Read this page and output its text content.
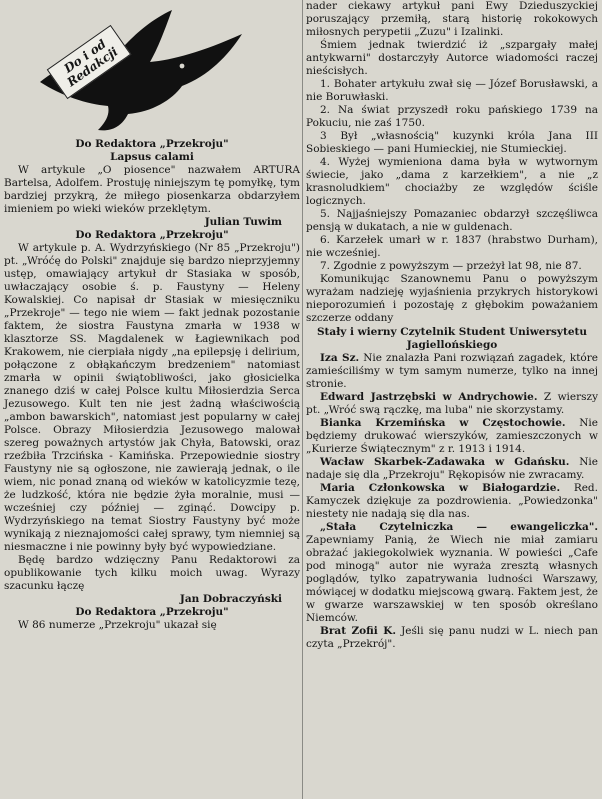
Do i od Redakcji

Do Redaktora „Przekroju"

Lapsus calami

W artykule „O piosence" nazwałem ARTURA Bartelsa, Adolfem. Prostuję niniejszym tę pomyłkę, tym bardziej przykrą, że miłego piosenkarza obdarzyłem imieniem po wieki wieków przeklętym.

Julian Tuwim

Do Redaktora „Przekroju"

W artykule p. A. Wydrzyńskiego (Nr 85 „Przekroju") pt. „Wróćę do Polski" znajduje się bardzo nieprzyjemny ustęp, omawiający artykuł dr Stasiaka w sposób, uwłaczający osobie ś. p. Faustyny — Heleny Kowalskiej. Co napisał dr Stasiak w miesięczniku „Przekroje" — tego nie wiem — fakt jednak pozostanie faktem, że siostra Faustyna zmarła w 1938 w klasztorze SS. Magdalenek w Łagiewnikach pod Krakowem, nie cierpiała nigdy „na epilepsję i delirium, połączone z obłąkańczym bredzeniem" natomiast zmarła w opinii świątobliwości, jako głosicielka znanego dziś w całej Polsce kultu Miłosierdzia Serca Jezusowego. Kult ten nie jest żadną właściwością „ambon bawarskich", natomiast jest popularny w całej Polsce. Obrazy Miłosierdzia Jezusowego malował szereg poważnych artystów jak Chyła, Batowski, oraz rzeźbiła Trzcińska - Kamińska. Przepowiednie siostry Faustyny nie są ogłoszone, nie zawierają jednak, o ile wiem, nic ponad znaną od wieków w katolicyzmie tezę, że ludzkość, która nie będzie żyła moralnie, musi — wcześniej czy później — zginąć. Dowcipy p. Wydrzyńskiego na temat Siostry Faustyny być może wynikają z nieznajomości całej sprawy, tym niemniej są niesmaczne i nie powinny były być wypowiedziane.

Będę bardzo wdzięczny Panu Redaktorowi za opublikowanie tych kilku moich uwag. Wyrazy szacunku łączę

Jan Dobraczyński

Do Redaktora „Przekroju"

W 86 numerze „Przekroju" ukazał się

nader ciekawy artykuł pani Ewy Dzieduszyckiej poruszający przemiłą, starą historię rokokowych miłosnych perypetii „Zuzu" i Izalinki.

Śmiem jednak twierdzić iż „szpargały małej antykwarni" dostarczyły Autorce wiadomości raczej nieścisłych.

1. Bohater artykułu zwał się — Józef Borusławski, a nie Boruwłaski.

2. Na świat przyszedł roku pańskiego 1739 na Pokuciu, nie zaś 1750.

3 Był „własnością" kuzynki króla Jana III Sobieskiego — pani Humieckiej, nie Stumieckiej.

4. Wyżej wymieniona dama była w wytwornym świecie, jako „dama z karzełkiem", a nie „z krasnoludkiem" chociażby ze względów ściśle logicznych.

5. Najjaśniejszy Pomazaniec obdarzył szczęśliwca pensją w dukatach, a nie w guldenach.

6. Karzełek umarł w r. 1837 (hrabstwo Durham), nie wcześniej.

7. Zgodnie z powyższym — przeżył lat 98, nie 87.

Komunikując Szanownemu Panu o powyższym wyrażam nadzieję wyjaśnienia przykrych historykowi nieporozumień i pozostaję z głębokim poważaniem szczerze oddany

Stały i wierny Czytelnik Student Uniwersytetu Jagiellońskiego

Iza Sz. Nie znalazła Pani rozwiązań zagadek, które zamieściliśmy w tym samym numerze, tylko na innej stronie.

Edward Jastrzębski w Andrychowie. Z wierszy pt. „Wróć swą rączkę, ma luba" nie skorzystamy.

Bianka Krzemińska w Częstochowie. Nie będziemy drukować wierszyków, zamieszczonych w „Kurierze Świątecznym" z r. 1913 i 1914.

Wacław Skarbek-Zadawaka w Gdańsku. Nie nadaje się dla „Przekroju" Rękopisów nie zwracamy.

Maria Członkowska w Białogardzie. Red. Kamyczek dziękuje za pozdrowienia. „Powiedzonka" niestety nie nadają się dla nas.

„Stała Czytelniczka — ewangeliczka". Zapewniamy Panią, że Wiech nie miał zamiaru obrażać jakiegokolwiek wyznania. W powieści „Cafe pod minogą" autor nie wyraża zresztą własnych poglądów, tylko zapatrywania ludności Warszawy, mówiącej w dodatku miejscową gwarą. Faktem jest, że w gwarze warszawskiej w ten sposób określano Niemców.

Brat Zofii K. Jeśli się panu nudzi w L. niech pan czyta „Przekrój".
